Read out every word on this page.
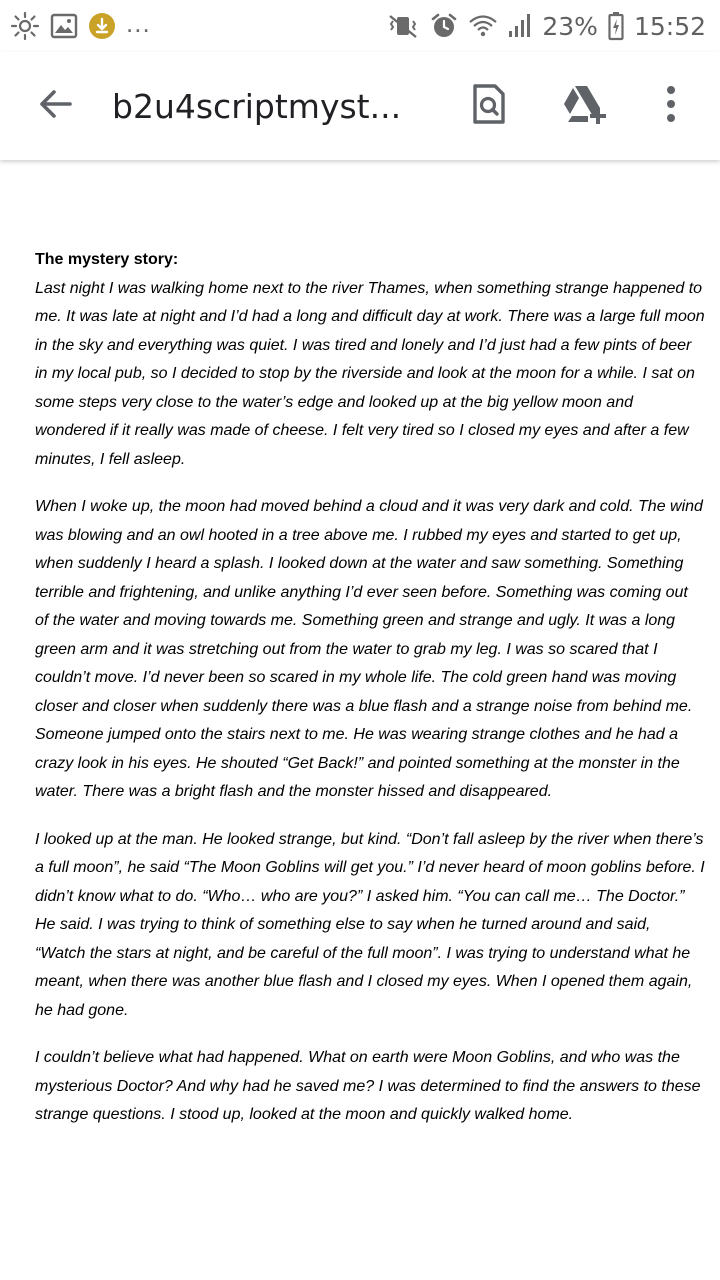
...	23% 15:52
b2u4scriptmyst...

The mystery story:

Last night I was walking home next to the river Thames, when something strange happened to me. It was late at night and I’d had a long and difficult day at work. There was a large full moon in the sky and everything was quiet. I was tired and lonely and I’d just had a few pints of beer in my local pub, so I decided to stop by the riverside and look at the moon for a while. I sat on some steps very close to the water’s edge and looked up at the big yellow moon and wondered if it really was made of cheese. I felt very tired so I closed my eyes and after a few minutes, I fell asleep.

When I woke up, the moon had moved behind a cloud and it was very dark and cold. The wind was blowing and an owl hooted in a tree above me. I rubbed my eyes and started to get up, when suddenly I heard a splash. I looked down at the water and saw something. Something terrible and frightening, and unlike anything I’d ever seen before. Something was coming out of the water and moving towards me. Something green and strange and ugly. It was a long green arm and it was stretching out from the water to grab my leg. I was so scared that I couldn’t move. I’d never been so scared in my whole life. The cold green hand was moving closer and closer when suddenly there was a blue flash and a strange noise from behind me. Someone jumped onto the stairs next to me. He was wearing strange clothes and he had a crazy look in his eyes. He shouted “Get Back!” and pointed something at the monster in the water. There was a bright flash and the monster hissed and disappeared.

I looked up at the man. He looked strange, but kind. “Don’t fall asleep by the river when there’s a full moon”, he said “The Moon Goblins will get you.” I’d never heard of moon goblins before. I didn’t know what to do. “Who… who are you?” I asked him. “You can call me… The Doctor.” He said. I was trying to think of something else to say when he turned around and said, “Watch the stars at night, and be careful of the full moon”. I was trying to understand what he meant, when there was another blue flash and I closed my eyes. When I opened them again, he had gone.

I couldn’t believe what had happened. What on earth were Moon Goblins, and who was the mysterious Doctor? And why had he saved me? I was determined to find the answers to these strange questions. I stood up, looked at the moon and quickly walked home.
